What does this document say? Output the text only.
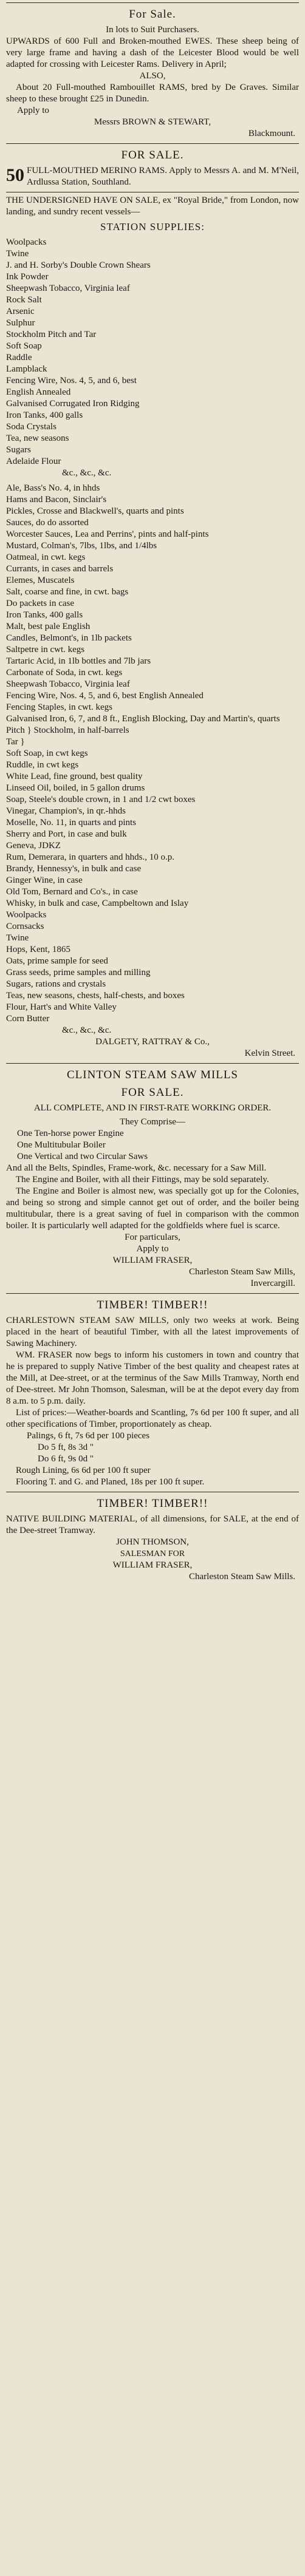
For Sale.
In lots to Suit Purchasers.

UPWARDS of 600 Full and Broken-mouthed EWES. These sheep being of very large frame and having a dash of the Leicester Blood would be well adapted for crossing with Leicester Rams. Delivery in April;

ALSO,

About 20 Full-mouthed Rambouillet RAMS, bred by De Graves. Similar sheep to these brought £25 in Dunedin.

Apply to
Messrs BROWN & STEWART,
Blackmount.
FOR SALE.
50 FULL-MOUTHED MERINO RAMS. Apply to Messrs A. and M. M'Neil, Ardlussa Station, Southland.

THE UNDERSIGNED HAVE ON SALE, ex "Royal Bride," from London, now landing, and sundry recent vessels—

STATION SUPPLIES:
Woolpacks
Twine
J. and H. Sorby's Double Crown Shears
Ink Powder
Sheepwash Tobacco, Virginia leaf
Rock Salt
Arsenic
Sulphur
Stockholm Pitch and Tar
Soft Soap
Raddle
Lampblack
Fencing Wire, Nos. 4, 5, and 6, best
English Annealed
Galvanised Corrugated Iron Ridging
Iron Tanks, 400 galls
Soda Crystals
Tea, new seasons
Sugars
Adelaide Flour
&c., &c., &c.
Ale, Bass's No. 4, in hhds
Hams and Bacon, Sinclair's
Pickles, Crosse and Blackwell's, quarts and pints
Sauces, do do assorted
Worcester Sauces, Lea and Perrins', pints and half-pints
Mustard, Colman's, 7lbs, 1lbs, and 1/4lbs
Oatmeal, in cwt. kegs
Currants, in cases and barrels
Elemes, Muscatels
Salt, coarse and fine, in cwt. bags
Do packets in case
Iron Tanks, 400 galls
Malt, best pale English
Candles, Belmont's, in 1lb packets
Saltpetre in cwt. kegs
Tartaric Acid, in 1lb bottles and 7lb jars
Carbonate of Soda, in cwt. kegs
Sheepwash Tobacco, Virginia leaf
Fencing Wire, Nos. 4, 5, and 6, best English Annealed
Fencing Staples, in cwt. kegs
Galvanised Iron, 6, 7, and 8 ft., English Blocking, Day and Martin's, quarts
Pitch } Stockholm, in half-barrels
Tar }
Soft Soap, in cwt kegs
Ruddle, in cwt kegs
White Lead, fine ground, best quality
Linseed Oil, boiled, in 5 gallon drums
Soap, Steele's double crown, in 1 and 1/2 cwt boxes
Vinegar, Champion's, in qr.-hhds
Moselle, No. 11, in quarts and pints
Sherry and Port, in case and bulk
Geneva, JDKZ
Rum, Demerara, in quarters and hhds., 10 o.p.
Brandy, Hennessy's, in bulk and case
Ginger Wine, in case
Old Tom, Bernard and Co's., in case
Whisky, in bulk and case, Campbeltown and Islay
Woolpacks
Cornsacks
Twine
Hops, Kent, 1865
Oats, prime sample for seed
Grass seeds, prime samples and milling
Sugars, rations and crystals
Teas, new seasons, chests, half-chests, and boxes
Flour, Hart's and White Valley
Corn Butter
&c., &c., &c.
DALGETY, RATTRAY & Co.,
Kelvin Street.
CLINTON STEAM SAW MILLS
FOR SALE.
ALL COMPLETE, AND IN FIRST-RATE WORKING ORDER.
They Comprise—
One Ten-horse power Engine
One Multitubular Boiler
One Vertical and two Circular Saws

And all the Belts, Spindles, Frame-work, &c. necessary for a Saw Mill.

The Engine and Boiler, with all their Fittings, may be sold separately.

The Engine and Boiler is almost new, was specially got up for the Colonies, and being so strong and simple cannot get out of order, and the boiler being multitubular, there is a great saving of fuel in comparison with the common boiler. It is particularly well adapted for the goldfields where fuel is scarce.

For particulars,
Apply to
WILLIAM FRASER,
Charleston Steam Saw Mills,
Invercargill.
TIMBER! TIMBER!!

CHARLESTOWN STEAM SAW MILLS, only two weeks at work. Being placed in the heart of beautiful Timber, with all the latest improvements of Sawing Machinery.

WM. FRASER now begs to inform his customers in town and country that he is prepared to supply Native Timber of the best quality and cheapest rates at the Mill, at Dee-street, or at the terminus of the Saw Mills Tramway, North end of Dee-street. Mr John Thomson, Salesman, will be at the depot every day from 8 a.m. to 5 p.m. daily.

List of prices:—Weather-boards and Scantling, 7s 6d per 100 ft super, and all other specifications of Timber, proportionately as cheap.

Palings, 6 ft, 7s 6d per 100 pieces
Do 5 ft, 8s 3d "
Do 6 ft, 9s 0d "
Rough Lining, 6s 6d per 100 ft super
Flooring T. and G. and Planed, 18s per 100 ft super.
TIMBER! TIMBER!!

NATIVE BUILDING MATERIAL, of all dimensions, for SALE, at the end of the Dee-street Tramway.

JOHN THOMSON,
SALESMAN FOR
WILLIAM FRASER,
Charleston Steam Saw Mills.
